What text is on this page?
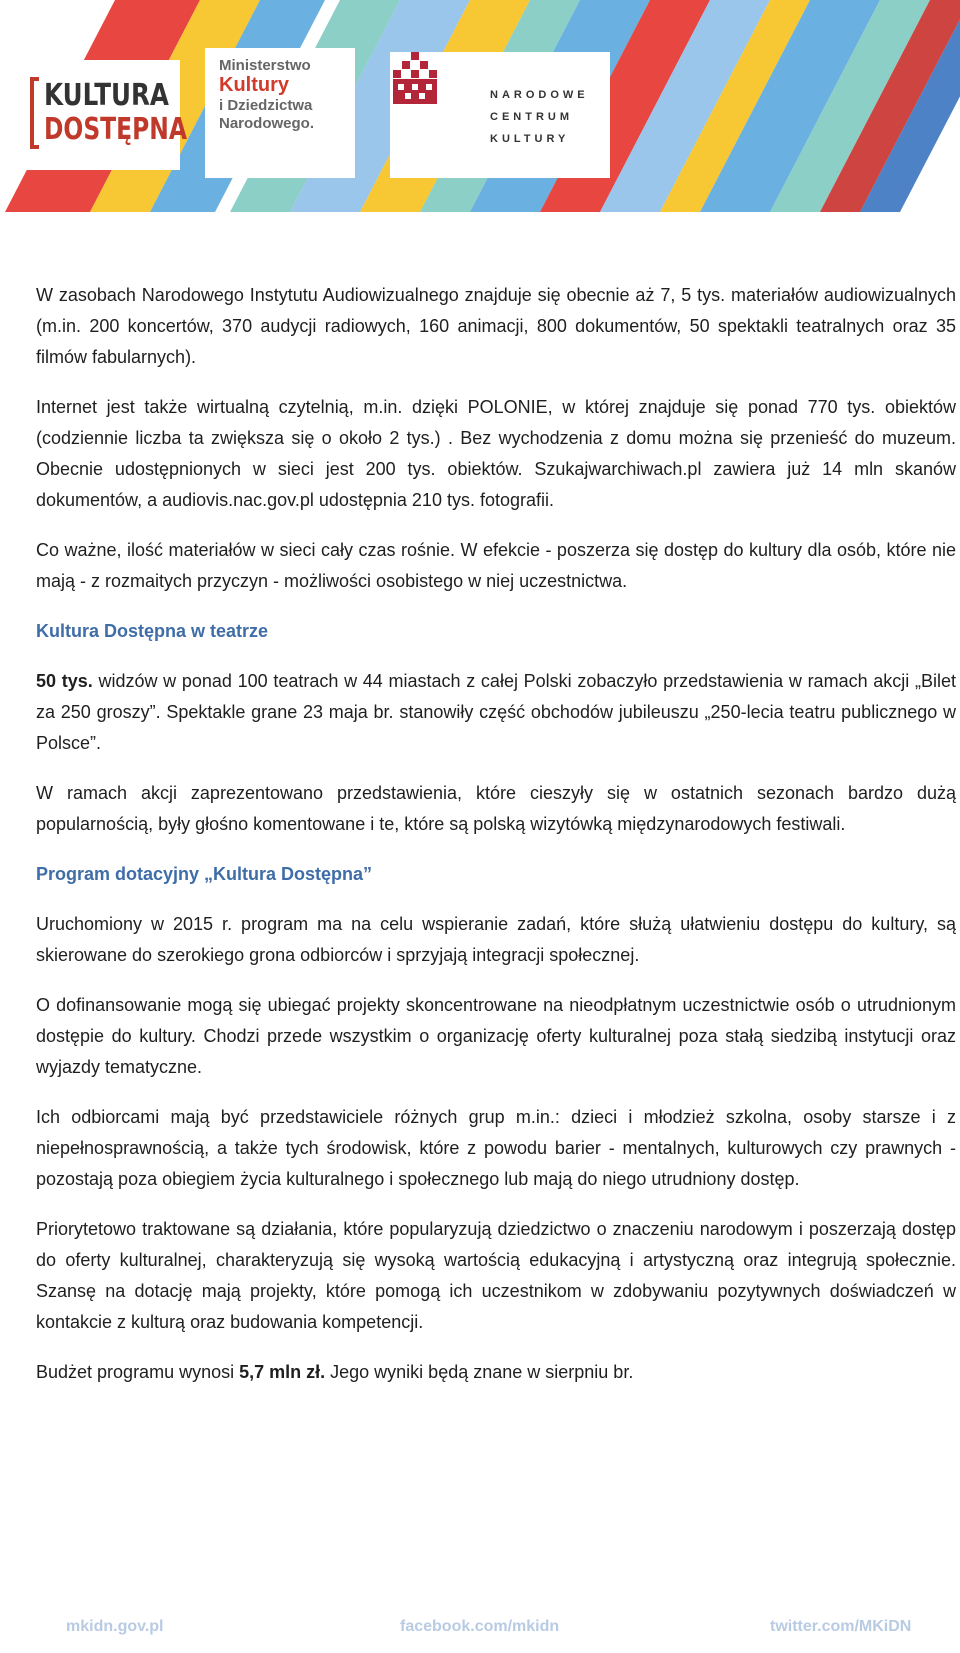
KULTURA
DOSTĘPNA
Ministerstwo
Kultury
i Dziedzictwa
Narodowego.
NARODOWE
CENTRUM
KULTURY

W zasobach Narodowego Instytutu Audiowizualnego znajduje się obecnie aż 7, 5 tys. materiałów audiowizualnych (m.in. 200 koncertów, 370 audycji radiowych, 160 animacji, 800 dokumentów, 50 spektakli teatralnych oraz 35 filmów fabularnych).

Internet jest także wirtualną czytelnią, m.in. dzięki POLONIE, w której znajduje się ponad 770 tys. obiektów (codziennie liczba ta zwiększa się o około 2 tys.) . Bez wychodzenia z domu można się przenieść do muzeum. Obecnie udostępnionych w sieci jest 200 tys. obiektów. Szukajwarchiwach.pl zawiera już 14 mln skanów dokumentów, a audiovis.nac.gov.pl udostępnia 210 tys. fotografii.

Co ważne, ilość materiałów w sieci cały czas rośnie. W efekcie - poszerza się dostęp do kultury dla osób, które nie mają - z rozmaitych przyczyn - możliwości osobistego w niej uczestnictwa.

Kultura Dostępna w teatrze

50 tys. widzów w ponad 100 teatrach w 44 miastach z całej Polski zobaczyło przedstawienia w ramach akcji „Bilet za 250 groszy”. Spektakle grane 23 maja br. stanowiły część obchodów jubileuszu „250-lecia teatru publicznego w Polsce”.

W ramach akcji zaprezentowano przedstawienia, które cieszyły się w ostatnich sezonach bardzo dużą popularnością, były głośno komentowane i te, które są polską wizytówką międzynarodowych festiwali.

Program dotacyjny „Kultura Dostępna”

Uruchomiony w 2015 r. program ma na celu wspieranie zadań, które służą ułatwieniu dostępu do kultury, są skierowane do szerokiego grona odbiorców i sprzyjają integracji społecznej.

O dofinansowanie mogą się ubiegać projekty skoncentrowane na nieodpłatnym uczestnictwie osób o utrudnionym dostępie do kultury. Chodzi przede wszystkim o organizację oferty kulturalnej poza stałą siedzibą instytucji oraz wyjazdy tematyczne.

Ich odbiorcami mają być przedstawiciele różnych grup m.in.: dzieci i młodzież szkolna, osoby starsze i z niepełnosprawnością, a także tych środowisk, które z powodu barier - mentalnych, kulturowych czy prawnych - pozostają poza obiegiem życia kulturalnego i społecznego lub mają do niego utrudniony dostęp.

Priorytetowo traktowane są działania, które popularyzują dziedzictwo o znaczeniu narodowym i poszerzają dostęp do oferty kulturalnej, charakteryzują się wysoką wartością edukacyjną i artystyczną oraz integrują społecznie. Szansę na dotację mają projekty, które pomogą ich uczestnikom w zdobywaniu pozytywnych doświadczeń w kontakcie z kulturą oraz budowania kompetencji.

Budżet programu wynosi 5,7 mln zł. Jego wyniki będą znane w sierpniu br.

mkidn.gov.pl	facebook.com/mkidn	twitter.com/MKiDN
